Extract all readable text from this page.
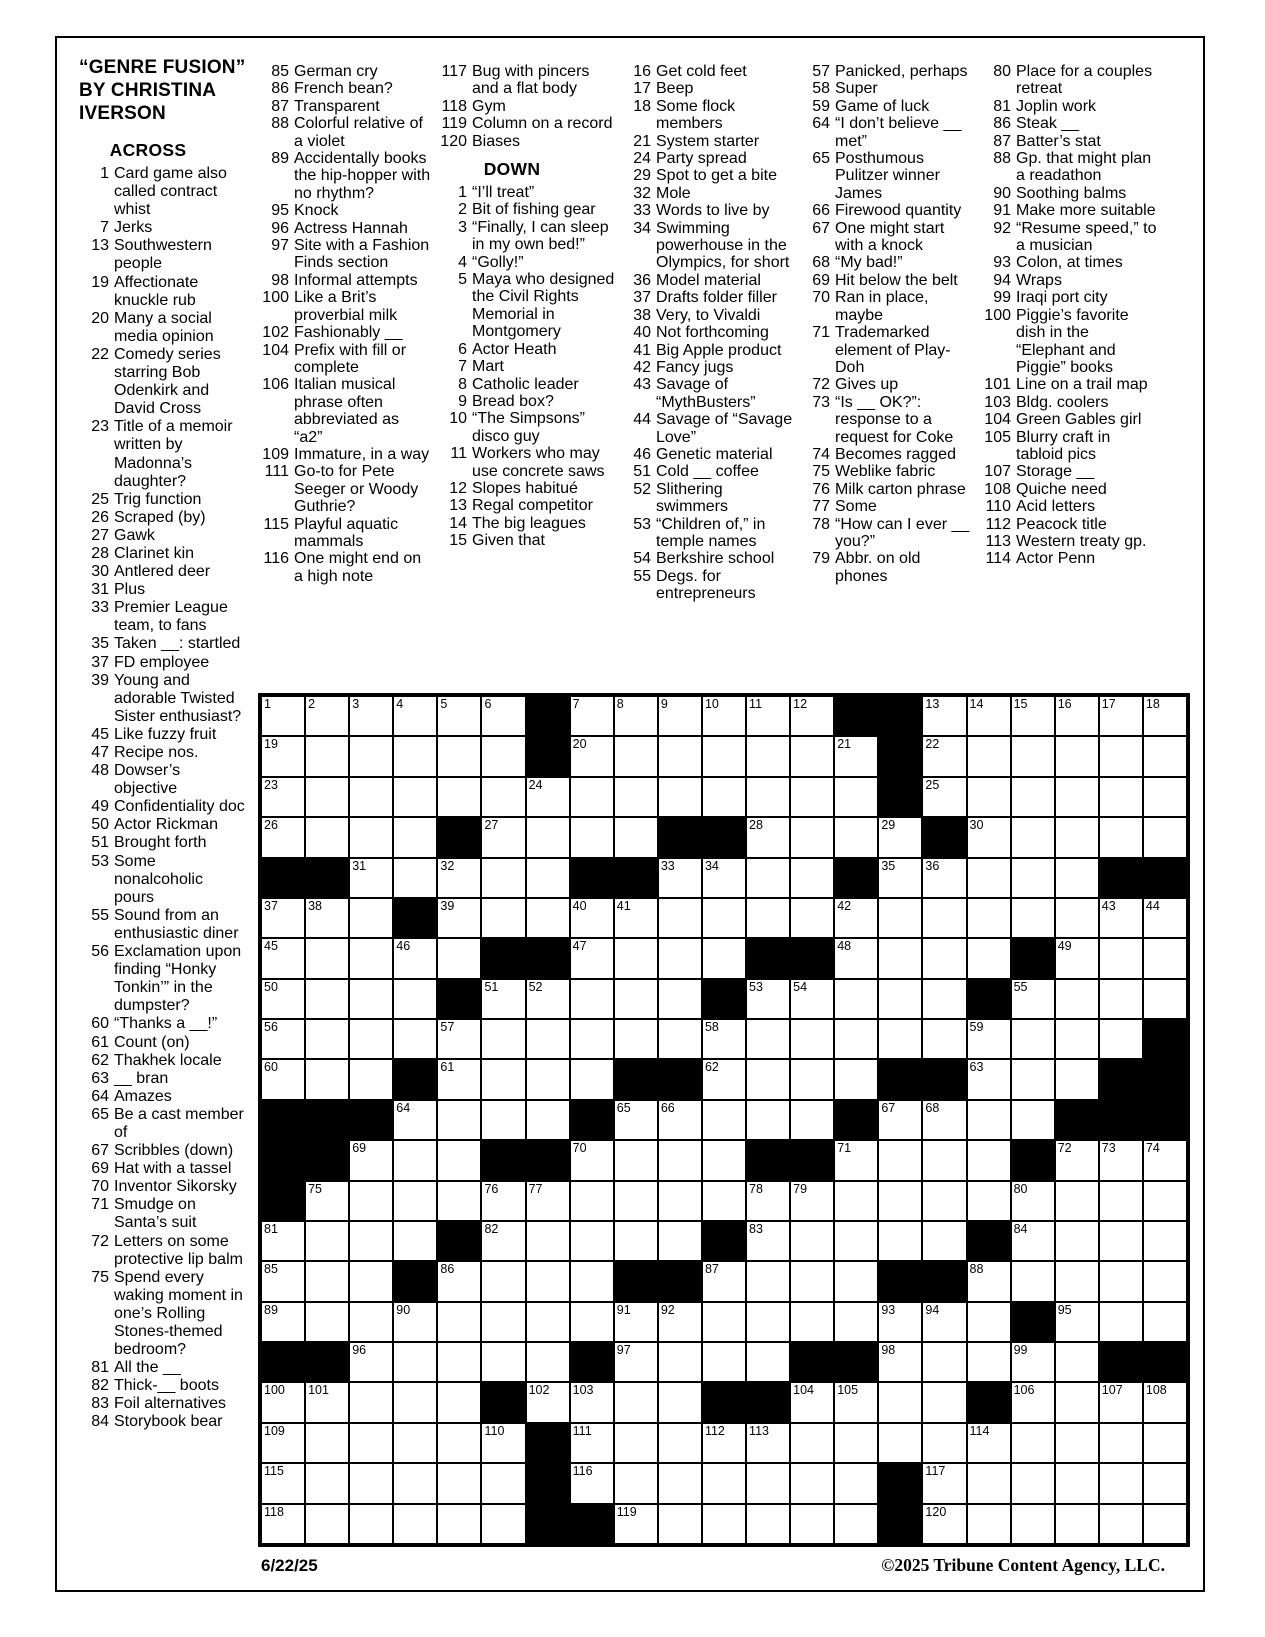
“GENRE FUSION”
BY CHRISTINA
IVERSON
ACROSS
1 Card game also called contract whist
7 Jerks
13 Southwestern people
19 Affectionate knuckle rub
20 Many a social media opinion
22 Comedy series starring Bob Odenkirk and David Cross
23 Title of a memoir written by Madonna’s daughter?
25 Trig function
26 Scraped (by)
27 Gawk
28 Clarinet kin
30 Antlered deer
31 Plus
33 Premier League team, to fans
35 Taken __: startled
37 FD employee
39 Young and adorable Twisted Sister enthusiast?
45 Like fuzzy fruit
47 Recipe nos.
48 Dowser’s objective
49 Confidentiality doc
50 Actor Rickman
51 Brought forth
53 Some nonalcoholic pours
55 Sound from an enthusiastic diner
56 Exclamation upon finding “Honky Tonkin’” in the dumpster?
60 “Thanks a __!”
61 Count (on)
62 Thakhek locale
63 __ bran
64 Amazes
65 Be a cast member of
67 Scribbles (down)
69 Hat with a tassel
70 Inventor Sikorsky
71 Smudge on Santa’s suit
72 Letters on some protective lip balm
75 Spend every waking moment in one’s Rolling Stones-themed bedroom?
81 All the __
82 Thick-__ boots
83 Foil alternatives
84 Storybook bear
85 German cry
86 French bean?
87 Transparent
88 Colorful relative of a violet
89 Accidentally books the hip-hopper with no rhythm?
95 Knock
96 Actress Hannah
97 Site with a Fashion Finds section
98 Informal attempts
100 Like a Brit’s proverbial milk
102 Fashionably __
104 Prefix with fill or complete
106 Italian musical phrase often abbreviated as “a2”
109 Immature, in a way
111 Go-to for Pete Seeger or Woody Guthrie?
115 Playful aquatic mammals
116 One might end on a high note
117 Bug with pincers and a flat body
118 Gym
119 Column on a record
120 Biases
DOWN
1 “I’ll treat”
2 Bit of fishing gear
3 “Finally, I can sleep in my own bed!”
4 “Golly!”
5 Maya who designed the Civil Rights Memorial in Montgomery
6 Actor Heath
7 Mart
8 Catholic leader
9 Bread box?
10 “The Simpsons” disco guy
11 Workers who may use concrete saws
12 Slopes habitué
13 Regal competitor
14 The big leagues
15 Given that
16 Get cold feet
17 Beep
18 Some flock members
21 System starter
24 Party spread
29 Spot to get a bite
32 Mole
33 Words to live by
34 Swimming powerhouse in the Olympics, for short
36 Model material
37 Drafts folder filler
38 Very, to Vivaldi
40 Not forthcoming
41 Big Apple product
42 Fancy jugs
43 Savage of “MythBusters”
44 Savage of “Savage Love”
46 Genetic material
51 Cold __ coffee
52 Slithering swimmers
53 “Children of,” in temple names
54 Berkshire school
55 Degs. for entrepreneurs
57 Panicked, perhaps
58 Super
59 Game of luck
64 “I don’t believe __ met”
65 Posthumous Pulitzer winner James
66 Firewood quantity
67 One might start with a knock
68 “My bad!”
69 Hit below the belt
70 Ran in place, maybe
71 Trademarked element of Play-Doh
72 Gives up
73 “Is __ OK?”: response to a request for Coke
74 Becomes ragged
75 Weblike fabric
76 Milk carton phrase
77 Some
78 “How can I ever __ you?”
79 Abbr. on old phones
80 Place for a couples retreat
81 Joplin work
86 Steak __
87 Batter’s stat
88 Gp. that might plan a readathon
90 Soothing balms
91 Make more suitable
92 “Resume speed,” to a musician
93 Colon, at times
94 Wraps
99 Iraqi port city
100 Piggie’s favorite dish in the “Elephant and Piggie” books
101 Line on a trail map
103 Bldg. coolers
104 Green Gables girl
105 Blurry craft in tabloid pics
107 Storage __
108 Quiche need
110 Acid letters
112 Peacock title
113 Western treaty gp.
114 Actor Penn
1	2	3	4	5	6	7	8	9	10 11 12	13 14 15 16 17 18
19	20	21	22
23	24	25
26	27	28	29	30
31	32	33 34	35 36
37 38	39	40 41	42	43 44
45	46	47	48	49
50	51 52	53 54	55
56	57	58	59
60	61	62	63
64	65 66	67 68
69	70	71	72 73 74
75	76 77	78 79	80
81	82	83	84
85	86	87	88
89	90	91 92	93 94	95
96	97	98	99
100 101	102 103	104 105	106	107 108
109	110	111	112 113	114
115	116	117
118	119	120
6/22/25	©2025 Tribune Content Agency, LLC.
